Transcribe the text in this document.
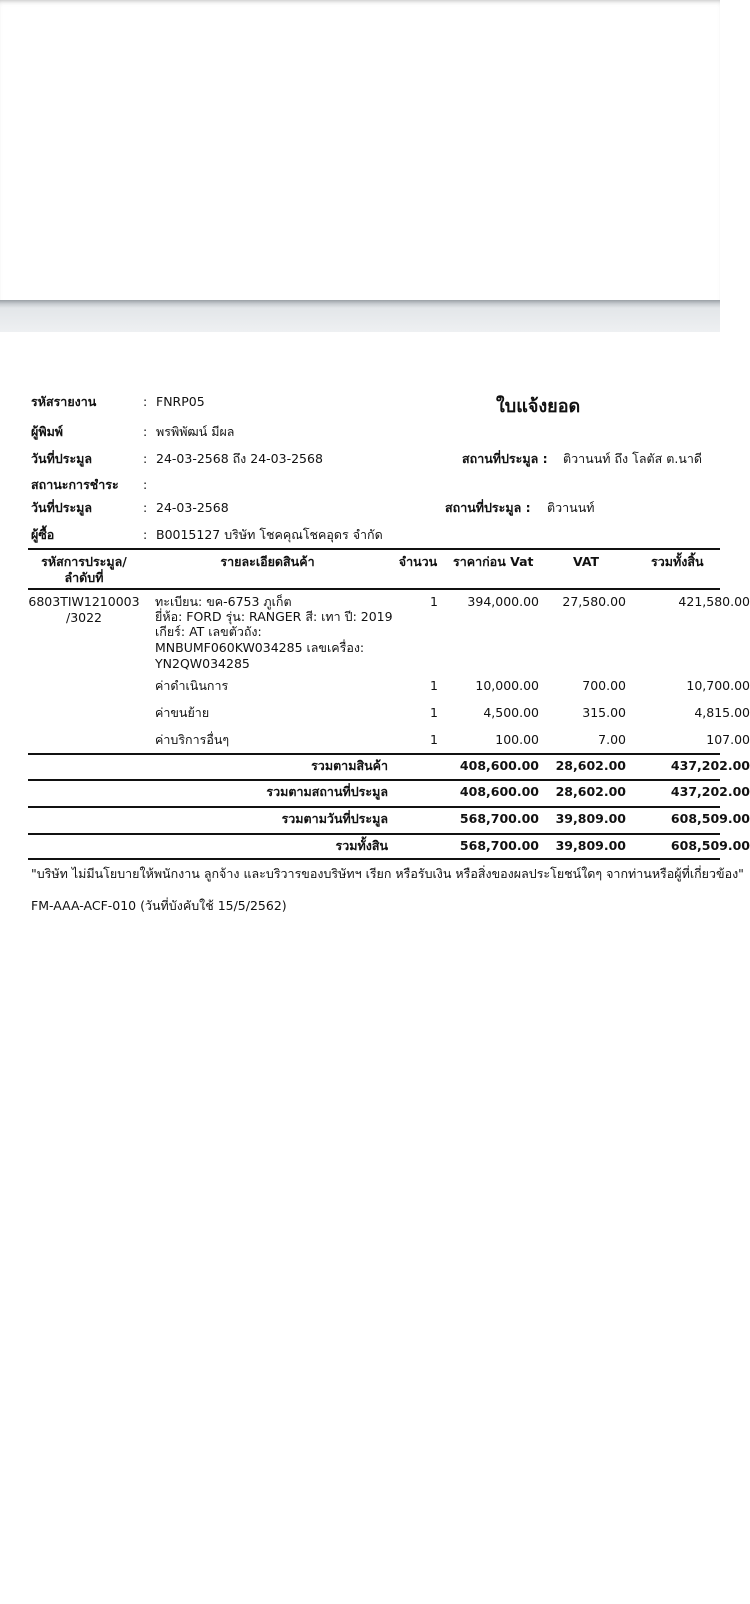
รหัสรายงาน	: FNRP05	ใบแจ้งยอด
ผู้พิมพ์	: พรพิพัฒน์ มีผล
วันที่ประมูล	: 24-03-2568 ถึง 24-03-2568	สถานที่ประมูล : ติวานนท์ ถึง โลตัส ต.นาดี
สถานะการชำระ :
วันที่ประมูล	: 24-03-2568	สถานที่ประมูล : ติวานนท์
ผู้ซื้อ	: B0015127 บริษัท โชคคุณโชคอุดร จำกัด
รหัสการประมูล/
ลำดับที่
รายละเอียดสินค้า	จำนวน	ราคาก่อน Vat	VAT	รวมทั้งสิ้น
6803TIW1210003
/3022
ทะเบียน: ขค-6753 ภูเก็ต
ยี่ห้อ: FORD รุ่น: RANGER สี: เทา ปี: 2019
เกียร์: AT เลขตัวถัง:
MNBUMF060KW034285 เลขเครื่อง:
YN2QW034285
1	394,000.00	27,580.00	421,580.00
ค่าดำเนินการ	1	10,000.00	700.00	10,700.00
ค่าขนย้าย	1	4,500.00	315.00	4,815.00
ค่าบริการอื่นๆ	1	100.00	7.00	107.00
รวมตามสินค้า	408,600.00	28,602.00	437,202.00
รวมตามสถานที่ประมูล	408,600.00	28,602.00	437,202.00
รวมตามวันที่ประมูล	568,700.00	39,809.00	608,509.00
รวมทั้งสิน	568,700.00	39,809.00	608,509.00
"บริษัท ไม่มีนโยบายให้พนักงาน ลูกจ้าง และบริวารของบริษัทฯ เรียก หรือรับเงิน หรือสิ่งของผลประโยชน์ใดๆ จากท่านหรือผู้ที่เกี่ยวข้อง"
FM-AAA-ACF-010 (วันที่บังคับใช้ 15/5/2562)
